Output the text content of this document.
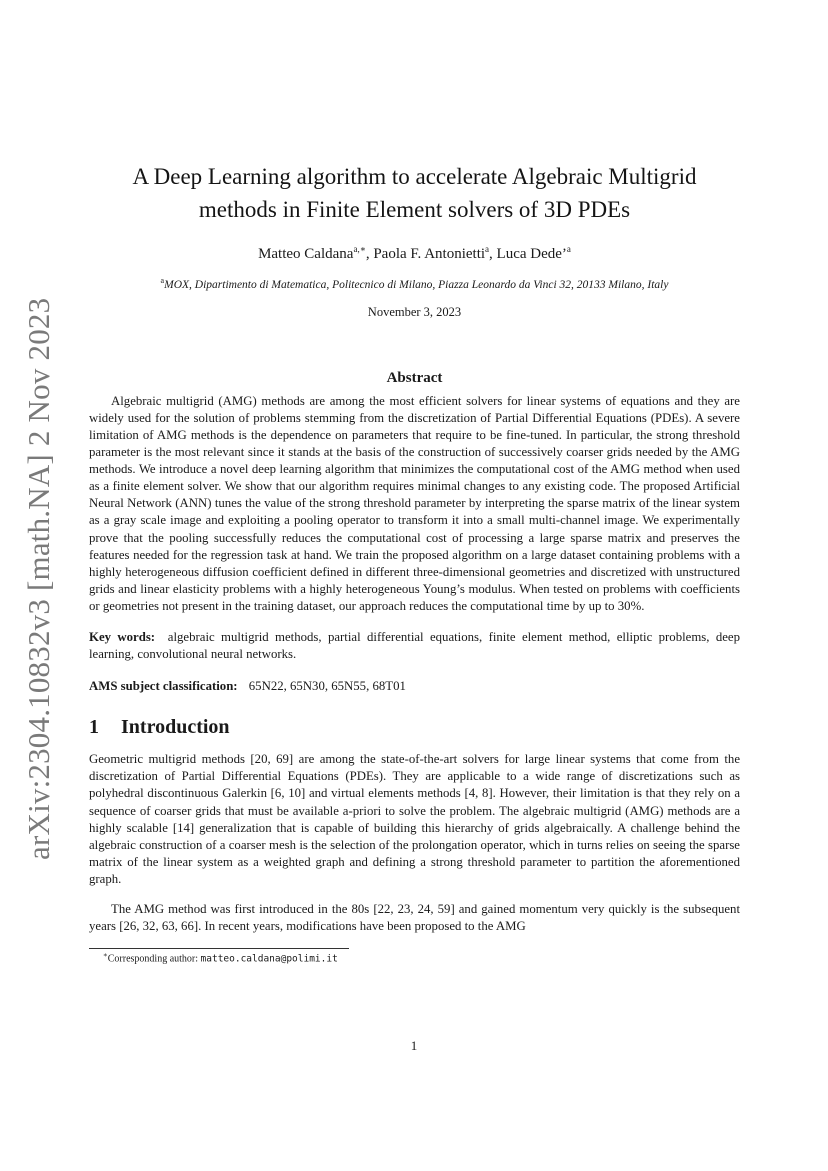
arXiv:2304.10832v3 [math.NA] 2 Nov 2023
A Deep Learning algorithm to accelerate Algebraic Multigrid
methods in Finite Element solvers of 3D PDEs
Matteo Caldana$^{a,∗}$, Paola F. Antonietti$^a$, Luca Dede’$^a$
$^a$MOX, Dipartimento di Matematica, Politecnico di Milano, Piazza Leonardo da Vinci 32, 20133 Milano, Italy
November 3, 2023
Abstract
Algebraic multigrid (AMG) methods are among the most efficient solvers for linear systems of equations and they are widely used for the solution of problems stemming from the discretization of Partial Differential Equations (PDEs). A severe limitation of AMG methods is the dependence on parameters that require to be fine-tuned. In particular, the strong threshold parameter is the most relevant since it stands at the basis of the construction of successively coarser grids needed by the AMG methods. We introduce a novel deep learning algorithm that minimizes the computational cost of the AMG method when used as a finite element solver. We show that our algorithm requires minimal changes to any existing code. The proposed Artificial Neural Network (ANN) tunes the value of the strong threshold parameter by interpreting the sparse matrix of the linear system as a gray scale image and exploiting a pooling operator to transform it into a small multi-channel image. We experimentally prove that the pooling successfully reduces the computational cost of processing a large sparse matrix and preserves the features needed for the regression task at hand. We train the proposed algorithm on a large dataset containing problems with a highly heterogeneous diffusion coefficient defined in different three-dimensional geometries and discretized with unstructured grids and linear elasticity problems with a highly heterogeneous Young’s modulus. When tested on problems with coefficients or geometries not present in the training dataset, our approach reduces the computational time by up to 30%.
Key words: algebraic multigrid methods, partial differential equations, finite element method, elliptic problems, deep learning, convolutional neural networks.
AMS subject classification: 65N22, 65N30, 65N55, 68T01
1 Introduction

Geometric multigrid methods [20, 69] are among the state-of-the-art solvers for large linear systems that come from the discretization of Partial Differential Equations (PDEs). They are applicable to a wide range of discretizations such as polyhedral discontinuous Galerkin [6, 10] and virtual elements methods [4, 8]. However, their limitation is that they rely on a sequence of coarser grids that must be available a-priori to solve the problem. The algebraic multigrid (AMG) methods are a highly scalable [14] generalization that is capable of building this hierarchy of grids algebraically. A challenge behind the algebraic construction of a coarser mesh is the selection of the prolongation operator, which in turns relies on seeing the sparse matrix of the linear system as a weighted graph and defining a strong threshold parameter to partition the aforementioned graph.

The AMG method was first introduced in the 80s [22, 23, 24, 59] and gained momentum very quickly is the subsequent years [26, 32, 63, 66]. In recent years, modifications have been proposed to the AMG

∗Corresponding author: matteo.caldana@polimi.it
1
